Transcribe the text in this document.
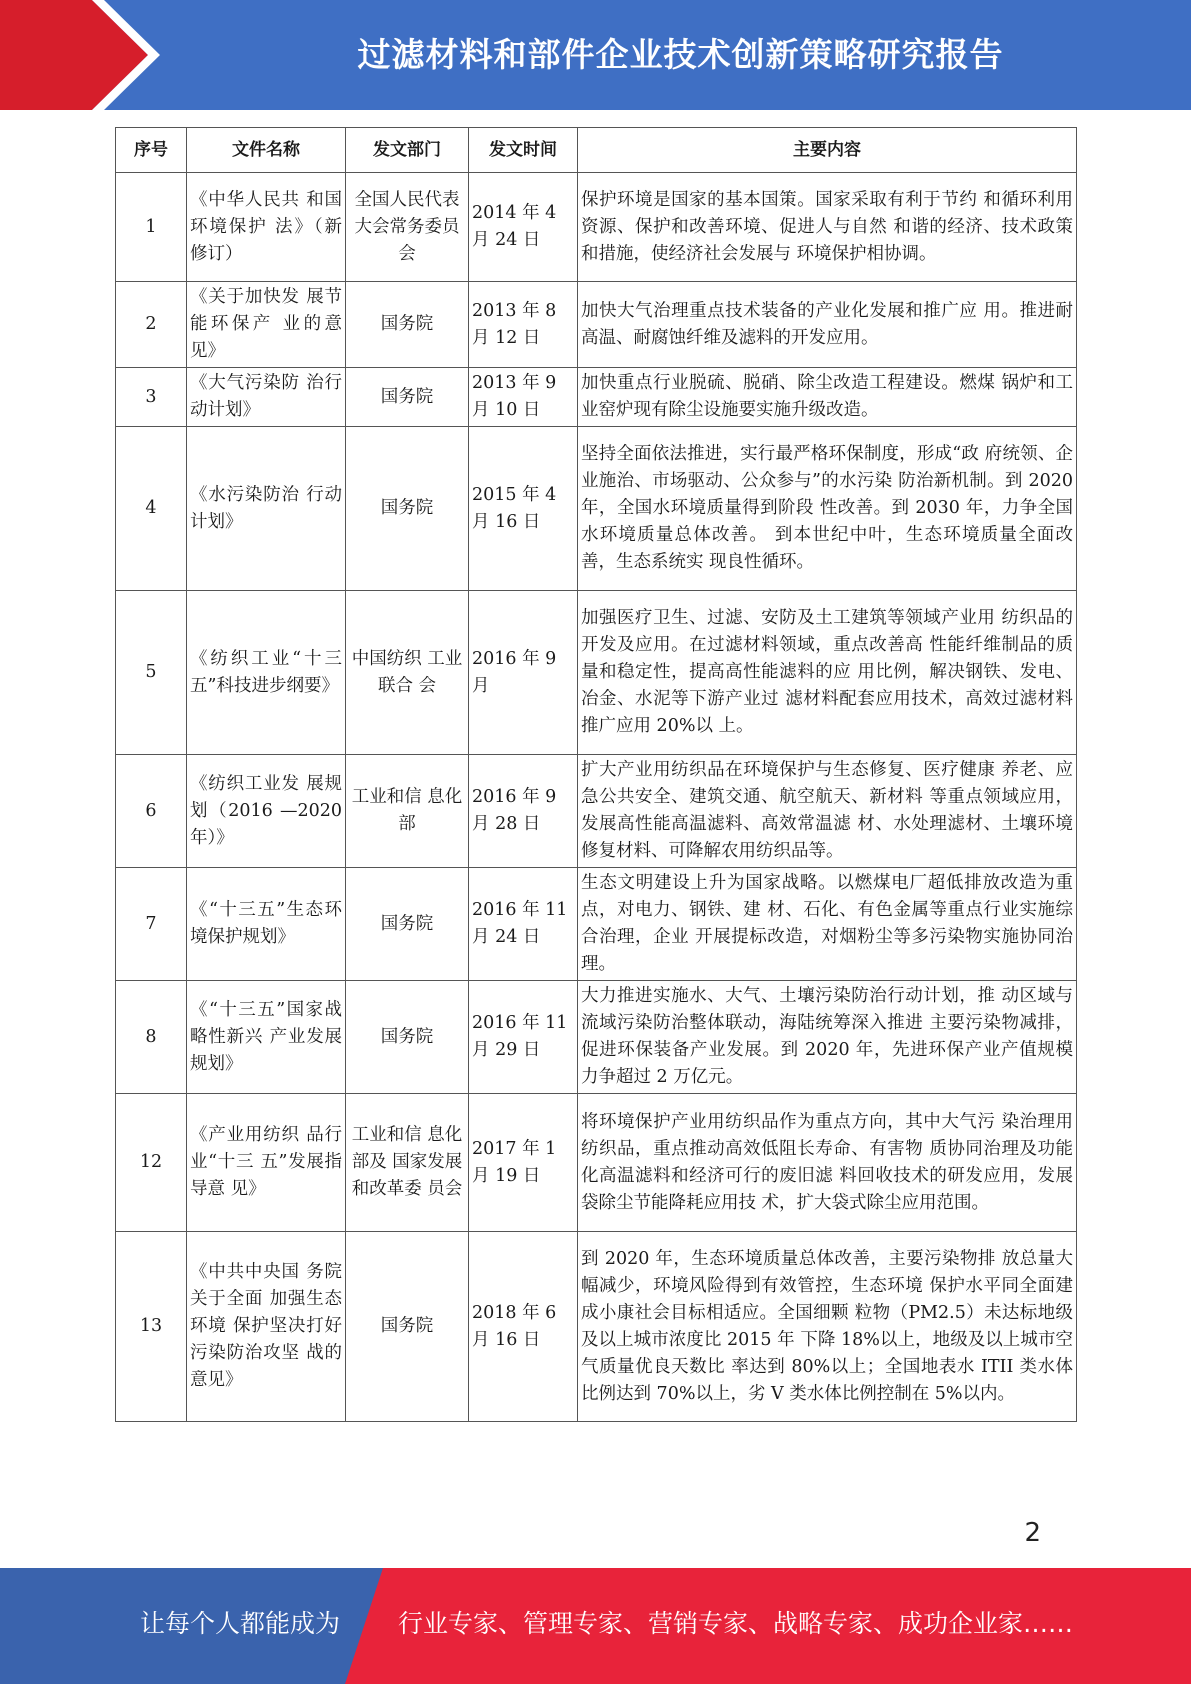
过滤材料和部件企业技术创新策略研究报告
序号	文件名称	发文部门	发文时间	主要内容
1	《中华人民共 和国环境保护 法》（新修订）	全国人民代表大会常务委员会	2014 年 4 月 24 日	保护环境是国家的基本国策。国家采取有利于节约 和循环利用资源、保护和改善环境、促进人与自然 和谐的经济、技术政策和措施，使经济社会发展与 环境保护相协调。
2	《关于加快发 展节能环保产 业的意见》	国务院	2013 年 8 月 12 日	加快大气治理重点技术装备的产业化发展和推广应 用。推进耐高温、耐腐蚀纤维及滤料的开发应用。
3	《大气污染防 治行动计划》	国务院	2013 年 9 月 10 日	加快重点行业脱硫、脱硝、除尘改造工程建设。燃煤 锅炉和工业窑炉现有除尘设施要实施升级改造。
4	《水污染防治 行动计划》	国务院	2015 年 4 月 16 日	坚持全面依法推进，实行最严格环保制度，形成“政 府统领、企业施治、市场驱动、公众参与”的水污染 防治新机制。到 2020 年，全国水环境质量得到阶段 性改善。到 2030 年，力争全国水环境质量总体改善。 到本世纪中叶，生态环境质量全面改善，生态系统实 现良性循环。
5	《纺织工业“十三五”科技进步纲要》	中国纺织 工业联合 会	2016 年 9 月	加强医疗卫生、过滤、安防及土工建筑等领域产业用 纺织品的开发及应用。在过滤材料领域，重点改善高 性能纤维制品的质量和稳定性，提高高性能滤料的应 用比例，解决钢铁、发电、冶金、水泥等下游产业过 滤材料配套应用技术，高效过滤材料推广应用 20%以 上。
6	《纺织工业发 展规划（2016 —2020 年）》	工业和信 息化部	2016 年 9 月 28 日	扩大产业用纺织品在环境保护与生态修复、医疗健康 养老、应急公共安全、建筑交通、航空航天、新材料 等重点领域应用，发展高性能高温滤料、高效常温滤 材、水处理滤材、土壤环境修复材料、可降解农用纺织品等。
7	《“十三五”生态环境保护规划》	国务院	2016 年 11 月 24 日	生态文明建设上升为国家战略。以燃煤电厂超低排放改造为重点，对电力、钢铁、建 材、石化、有色金属等重点行业实施综合治理，企业 开展提标改造，对烟粉尘等多污染物实施协同治理。
8	《“十三五”国家战略性新兴 产业发展规划》	国务院	2016 年 11 月 29 日	大力推进实施水、大气、土壤污染防治行动计划，推 动区域与流域污染防治整体联动，海陆统筹深入推进 主要污染物减排，促进环保装备产业发展。到 2020 年，先进环保产业产值规模力争超过 2 万亿元。
12	《产业用纺织 品行业“十三 五”发展指导意 见》	工业和信 息化部及 国家发展 和改革委 员会	2017 年 1 月 19 日	将环境保护产业用纺织品作为重点方向，其中大气污 染治理用纺织品，重点推动高效低阻长寿命、有害物 质协同治理及功能化高温滤料和经济可行的废旧滤 料回收技术的研发应用，发展袋除尘节能降耗应用技 术，扩大袋式除尘应用范围。
13	《中共中央国 务院关于全面 加强生态环境 保护坚决打好 污染防治攻坚 战的意见》	国务院	2018 年 6 月 16 日	到 2020 年，生态环境质量总体改善，主要污染物排 放总量大幅减少，环境风险得到有效管控，生态环境 保护水平同全面建成小康社会目标相适应。全国细颗 粒物（PM2.5）未达标地级及以上城市浓度比 2015 年 下降 18%以上，地级及以上城市空气质量优良天数比 率达到 80%以上；全国地表水 ITII 类水体比例达到 70%以上，劣 V 类水体比例控制在 5%以内。
2
让每个人都能成为 行业专家、管理专家、营销专家、战略专家、成功企业家……
